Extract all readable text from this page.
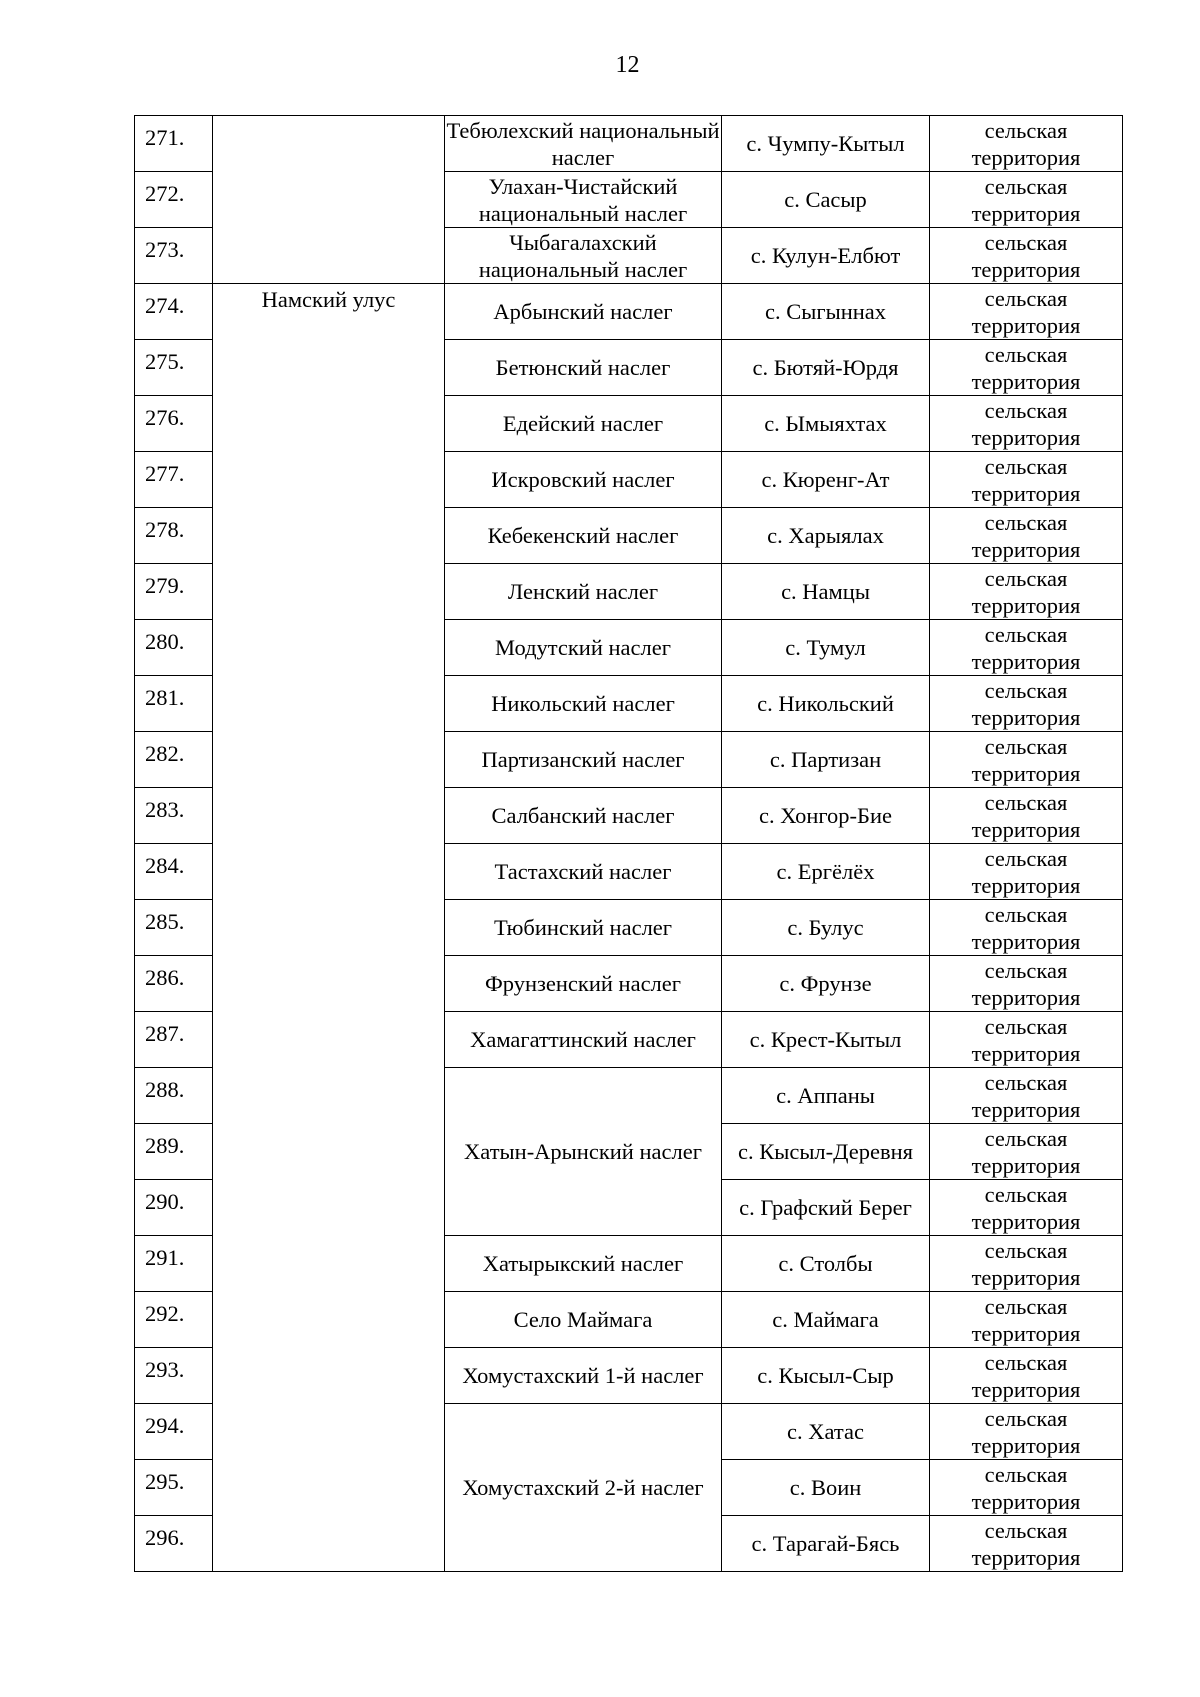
12
271.		Тебюлехский национальный наслег	с. Чумпу-Кытыл	сельская
территория

272.		Улахан-Чистайский национальный наслег	с. Сасыр	сельская
территория

273.		Чыбагалахский национальный наслег	с. Кулун-Елбют	сельская
территория

274.	Намский улус	Арбынский наслег	с. Сыгыннах	сельская
территория

275.		Бетюнский наслег	с. Бютяй-Юрдя	сельская
территория

276.		Едейский наслег	с. Ымыяхтах	сельская
территория

277.		Искровский наслег	с. Кюренг-Ат	сельская
территория

278.		Кебекенский наслег	с. Харыялах	сельская
территория

279.		Ленский наслег	с. Намцы	сельская
территория

280.		Модутский наслег	с. Тумул	сельская
территория

281.		Никольский наслег	с. Никольский	сельская
территория

282.		Партизанский наслег	с. Партизан	сельская
территория

283.		Салбанский наслег	с. Хонгор-Бие	сельская
территория

284.		Тастахский наслег	с. Ергёлёх	сельская
территория

285.		Тюбинский наслег	с. Булус	сельская
территория

286.		Фрунзенский наслег	с. Фрунзе	сельская
территория

287.		Хамагаттинский наслег	с. Крест-Кытыл	сельская
территория

288.		Хатын-Арынский наслег	с. Аппаны	сельская
территория

289.			с. Кысыл-Деревня	сельская
территория

290.			с. Графский Берег	сельская
территория

291.		Хатырыкский наслег	с. Столбы	сельская
территория

292.		Село Маймага	с. Маймага	сельская
территория

293.		Хомустахский 1-й наслег	с. Кысыл-Сыр	сельская
территория

294.		Хомустахский 2-й наслег	с. Хатас	сельская
территория

295.			с. Воин	сельская
территория

296.			с. Тарагай-Бясь	сельская
территория
